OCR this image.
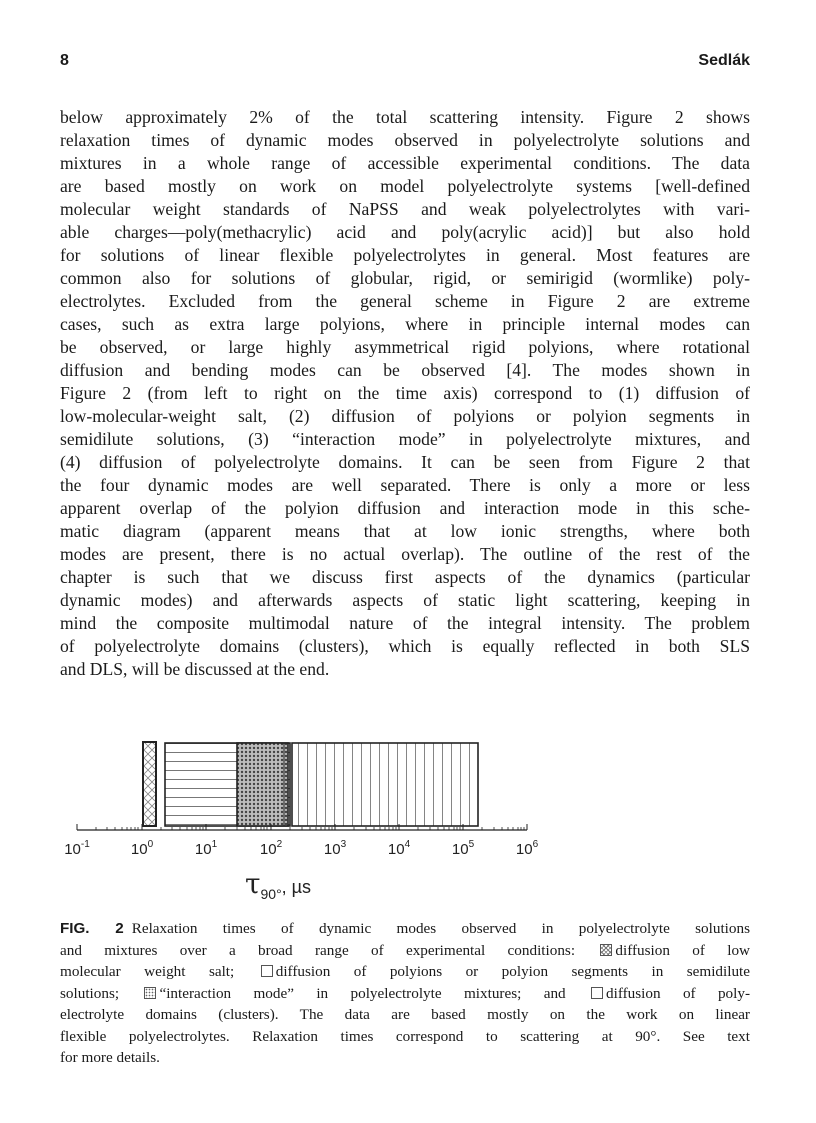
8	Sedlák
below approximately 2% of the total scattering intensity. Figure 2 shows
relaxation times of dynamic modes observed in polyelectrolyte solutions and
mixtures in a whole range of accessible experimental conditions. The data
are based mostly on work on model polyelectrolyte systems [well-defined
molecular weight standards of NaPSS and weak polyelectrolytes with vari-
able charges—poly(methacrylic) acid and poly(acrylic acid)] but also hold
for solutions of linear flexible polyelectrolytes in general. Most features are
common also for solutions of globular, rigid, or semirigid (wormlike) poly-
electrolytes. Excluded from the general scheme in Figure 2 are extreme
cases, such as extra large polyions, where in principle internal modes can
be observed, or large highly asymmetrical rigid polyions, where rotational
diffusion and bending modes can be observed [4]. The modes shown in
Figure 2 (from left to right on the time axis) correspond to (1) diffusion of
low-molecular-weight salt, (2) diffusion of polyions or polyion segments in
semidilute solutions, (3) “interaction mode” in polyelectrolyte mixtures, and
(4) diffusion of polyelectrolyte domains. It can be seen from Figure 2 that
the four dynamic modes are well separated. There is only a more or less
apparent overlap of the polyion diffusion and interaction mode in this sche-
matic diagram (apparent means that at low ionic strengths, where both
modes are present, there is no actual overlap). The outline of the rest of the
chapter is such that we discuss first aspects of the dynamics (particular
dynamic modes) and afterwards aspects of static light scattering, keeping in
mind the composite multimodal nature of the integral intensity. The problem
of polyelectrolyte domains (clusters), which is equally reflected in both SLS
and DLS, will be discussed at the end.
$10^{-1}$	$10^0$	$10^1$	$10^2$	$10^3$	$10^4$	$10^5$	$10^6$
τ90°, µs
FIG. 2 Relaxation times of dynamic modes observed in polyelectrolyte solutions
and mixtures over a broad range of experimental conditions:	diffusion of low
molecular weight salt;	diffusion of polyions or polyion segments in semidilute
solutions;	“interaction mode” in polyelectrolyte mixtures; and	diffusion of poly-
electrolyte domains (clusters). The data are based mostly on the work on linear
flexible polyelectrolytes. Relaxation times correspond to scattering at 90°. See text
for more details.
